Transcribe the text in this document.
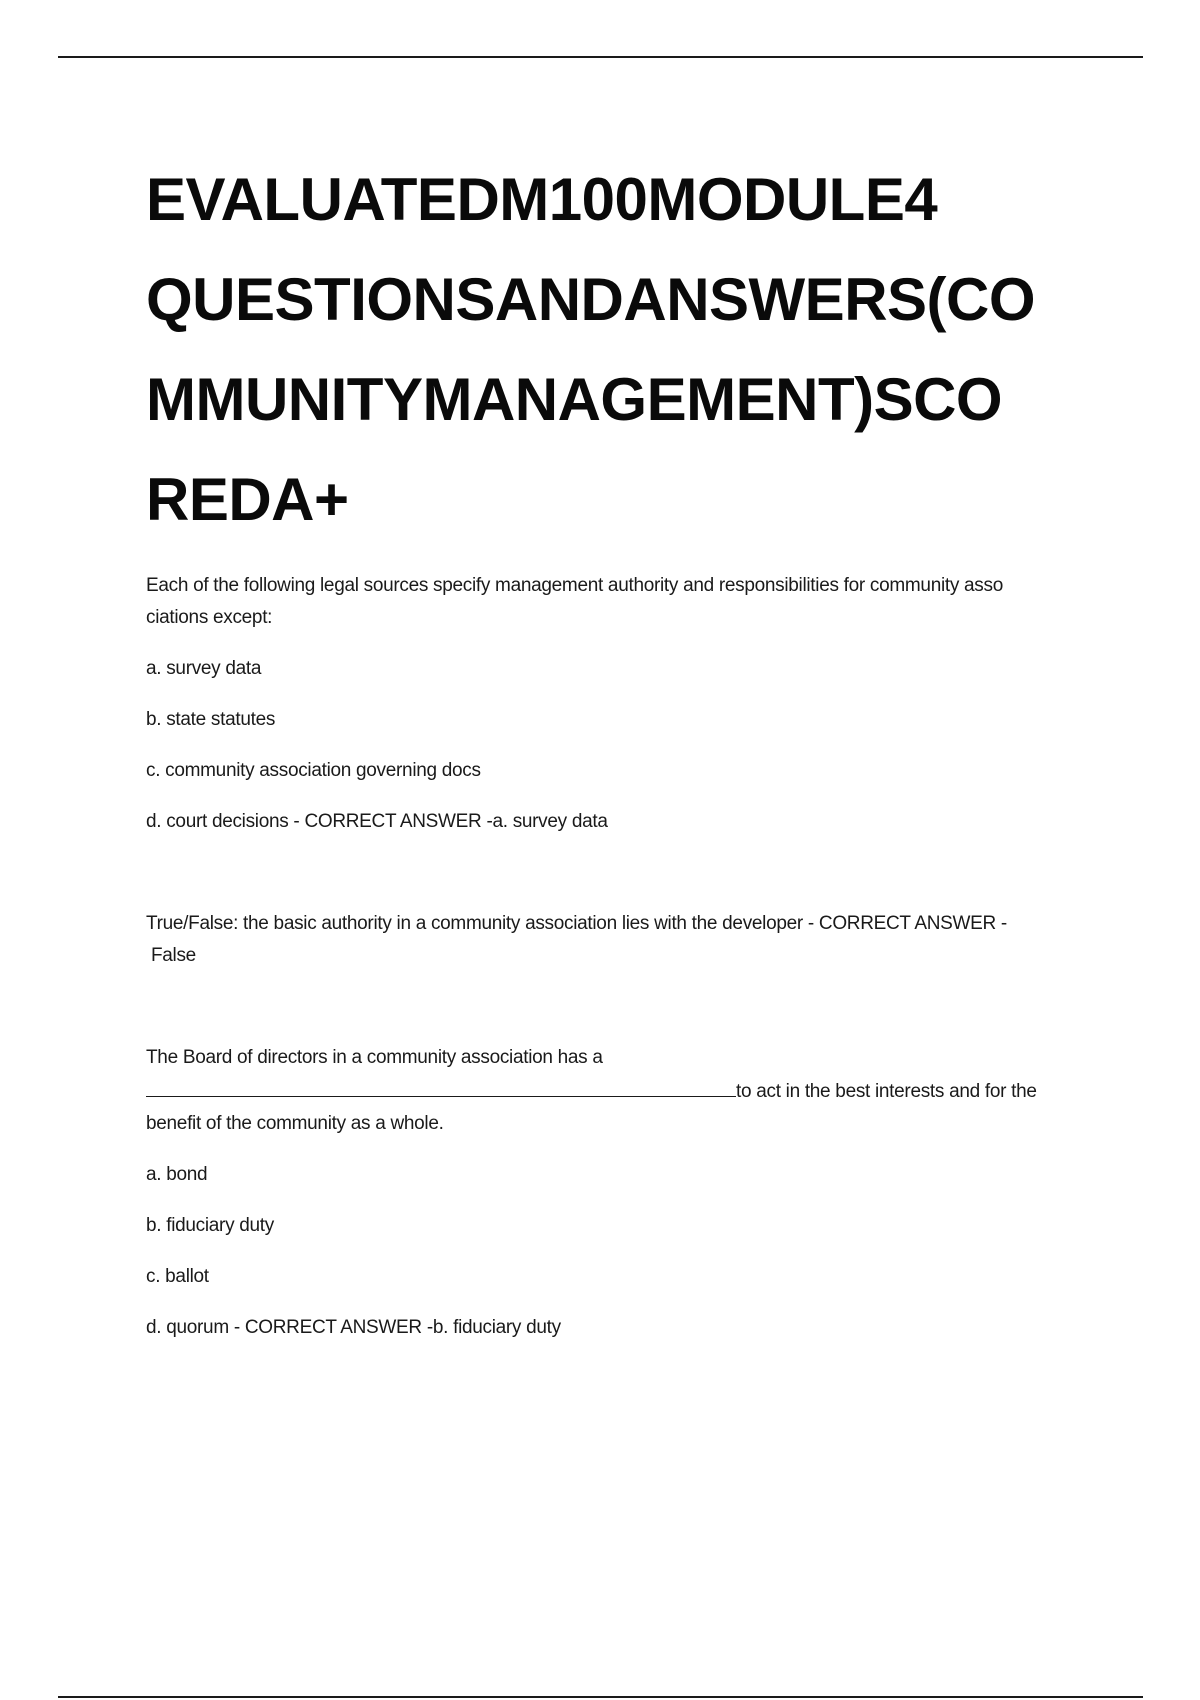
EVALUATEDM100MODULE4
QUESTIONSANDANSWERS(CO
MMUNITYMANAGEMENT)SCO
REDA+
Each of the following legal sources specify management authority and responsibilities for community asso
ciations except:
a. survey data
b. state statutes
c. community association governing docs
d. court decisions - CORRECT ANSWER -a. survey data
True/False: the basic authority in a community association lies with the developer - CORRECT ANSWER -
False
The Board of directors in a community association has a
to act in the best interests and for the
benefit of the community as a whole.
a. bond
b. fiduciary duty
c. ballot
d. quorum - CORRECT ANSWER -b. fiduciary duty
